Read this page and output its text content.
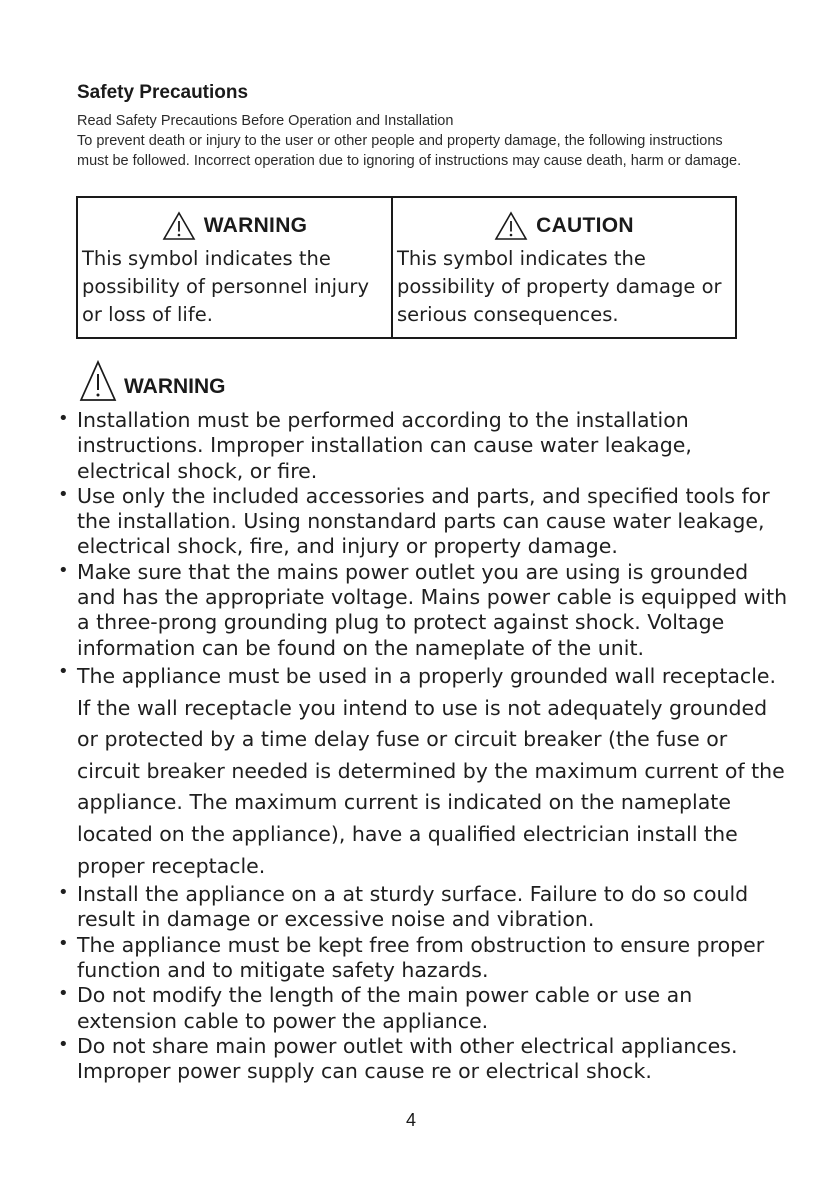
Safety Precautions

Read Safety Precautions Before Operation and Installation

To prevent death or injury to the user or other people and property damage, the following instructions must be followed. Incorrect operation due to ignoring of instructions may cause death, harm or damage.

WARNING

This symbol indicates the possibility of personnel injury or loss of life.

CAUTION

This symbol indicates the possibility of property damage or serious consequences.

WARNING
• Installation must be performed according to the installation instructions. Improper installation can cause water leakage, electrical shock, or fire.
• Use only the included accessories and parts, and specified tools for the installation. Using nonstandard parts can cause water leakage, electrical shock, fire, and injury or property damage.
• Make sure that the mains power outlet you are using is grounded and has the appropriate voltage. Mains power cable is equipped with a three-prong grounding plug to protect against shock. Voltage information can be found on the nameplate of the unit.
• The appliance must be used in a properly grounded wall receptacle. If the wall receptacle you intend to use is not adequately grounded or protected by a time delay fuse or circuit breaker (the fuse or circuit breaker needed is determined by the maximum current of the appliance. The maximum current is indicated on the nameplate located on the appliance), have a qualified electrician install the proper receptacle.
• Install the appliance on a at sturdy surface. Failure to do so could result in damage or excessive noise and vibration.
• The appliance must be kept free from obstruction to ensure proper function and to mitigate safety hazards.
• Do not modify the length of the main power cable or use an extension cable to power the appliance.
• Do not share main power outlet with other electrical appliances. Improper power supply can cause re or electrical shock.
4
